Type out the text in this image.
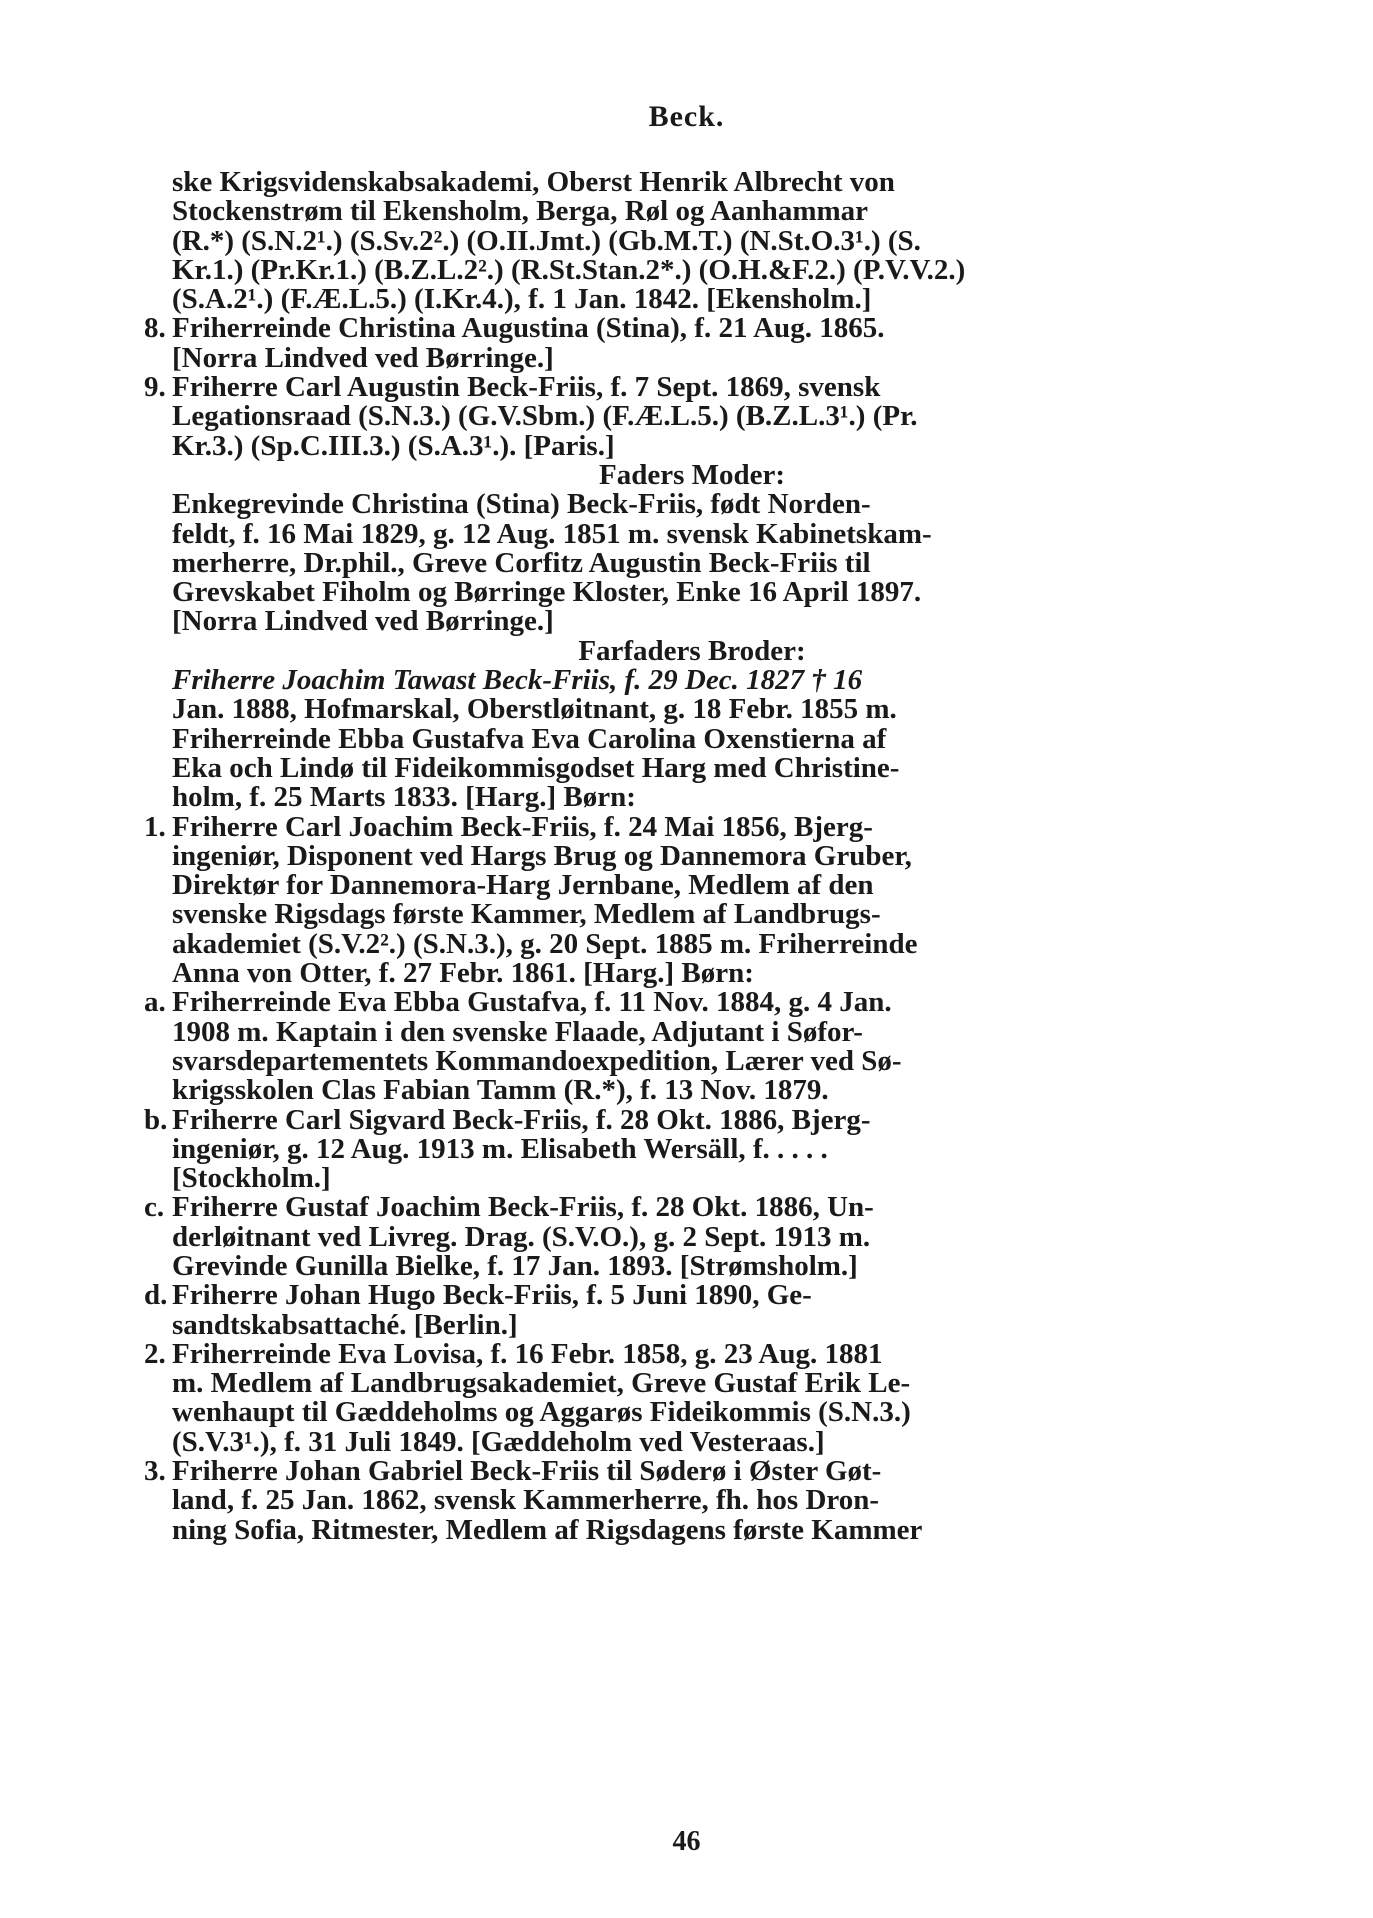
Beck.
ske Krigsvidenskabsakademi, Oberst Henrik Albrecht von
Stockenstrøm til Ekensholm, Berga, Røl og Aanhammar
(R.*) (S.N.2¹.) (S.Sv.2².) (O.II.Jmt.) (Gb.M.T.) (N.St.O.3¹.) (S.
Kr.1.) (Pr.Kr.1.) (B.Z.L.2².) (R.St.Stan.2*.) (O.H.&F.2.) (P.V.V.2.)
(S.A.2¹.) (F.Æ.L.5.) (I.Kr.4.), f. 1 Jan. 1842. [Ekensholm.]
8. Friherreinde Christina Augustina (Stina), f. 21 Aug. 1865.
[Norra Lindved ved Børringe.]
9. Friherre Carl Augustin Beck-Friis, f. 7 Sept. 1869, svensk
Legationsraad (S.N.3.) (G.V.Sbm.) (F.Æ.L.5.) (B.Z.L.3¹.) (Pr.
Kr.3.) (Sp.C.III.3.) (S.A.3¹.). [Paris.]
Faders Moder:
Enkegrevinde Christina (Stina) Beck-Friis, født Norden-
feldt, f. 16 Mai 1829, g. 12 Aug. 1851 m. svensk Kabinetskam-
merherre, Dr.phil., Greve Corfitz Augustin Beck-Friis til
Grevskabet Fiholm og Børringe Kloster, Enke 16 April 1897.
[Norra Lindved ved Børringe.]
Farfaders Broder:
Friherre Joachim Tawast Beck-Friis, f. 29 Dec. 1827 † 16
Jan. 1888, Hofmarskal, Oberstløitnant, g. 18 Febr. 1855 m.
Friherreinde Ebba Gustafva Eva Carolina Oxenstierna af
Eka och Lindø til Fideikommisgodset Harg med Christine-
holm, f. 25 Marts 1833. [Harg.] Børn:
1. Friherre Carl Joachim Beck-Friis, f. 24 Mai 1856, Bjerg-
ingeniør, Disponent ved Hargs Brug og Dannemora Gruber,
Direktør for Dannemora-Harg Jernbane, Medlem af den
svenske Rigsdags første Kammer, Medlem af Landbrugs-
akademiet (S.V.2².) (S.N.3.), g. 20 Sept. 1885 m. Friherreinde
Anna von Otter, f. 27 Febr. 1861. [Harg.] Børn:
a. Friherreinde Eva Ebba Gustafva, f. 11 Nov. 1884, g. 4 Jan.
1908 m. Kaptain i den svenske Flaade, Adjutant i Søfor-
svarsdepartementets Kommandoexpedition, Lærer ved Sø-
krigsskolen Clas Fabian Tamm (R.*), f. 13 Nov. 1879.
b. Friherre Carl Sigvard Beck-Friis, f. 28 Okt. 1886, Bjerg-
ingeniør, g. 12 Aug. 1913 m. Elisabeth Wersäll, f. . . . .
[Stockholm.]
c. Friherre Gustaf Joachim Beck-Friis, f. 28 Okt. 1886, Un-
derløitnant ved Livreg. Drag. (S.V.O.), g. 2 Sept. 1913 m.
Grevinde Gunilla Bielke, f. 17 Jan. 1893. [Strømsholm.]
d. Friherre Johan Hugo Beck-Friis, f. 5 Juni 1890, Ge-
sandtskabsattaché. [Berlin.]
2. Friherreinde Eva Lovisa, f. 16 Febr. 1858, g. 23 Aug. 1881
m. Medlem af Landbrugsakademiet, Greve Gustaf Erik Le-
wenhaupt til Gæddeholms og Aggarøs Fideikommis (S.N.3.)
(S.V.3¹.), f. 31 Juli 1849. [Gæddeholm ved Vesteraas.]
3. Friherre Johan Gabriel Beck-Friis til Søderø i Øster Gøt-
land, f. 25 Jan. 1862, svensk Kammerherre, fh. hos Dron-
ning Sofia, Ritmester, Medlem af Rigsdagens første Kammer
46
